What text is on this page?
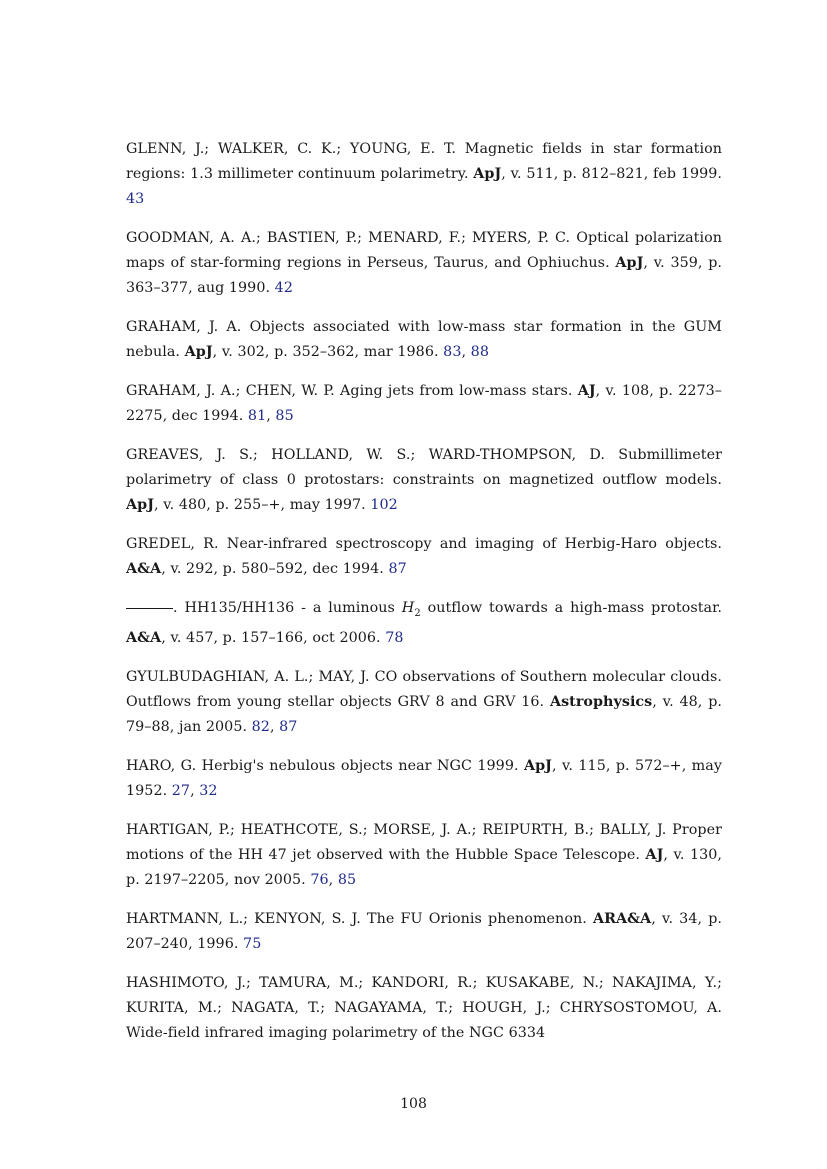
GLENN, J.; WALKER, C. K.; YOUNG, E. T. Magnetic fields in star formation regions: 1.3 millimeter continuum polarimetry. ApJ, v. 511, p. 812–821, feb 1999. 43

GOODMAN, A. A.; BASTIEN, P.; MENARD, F.; MYERS, P. C. Optical polarization maps of star-forming regions in Perseus, Taurus, and Ophiuchus. ApJ, v. 359, p. 363–377, aug 1990. 42

GRAHAM, J. A. Objects associated with low-mass star formation in the GUM nebula. ApJ, v. 302, p. 352–362, mar 1986. 83, 88

GRAHAM, J. A.; CHEN, W. P. Aging jets from low-mass stars. AJ, v. 108, p. 2273–2275, dec 1994. 81, 85

GREAVES, J. S.; HOLLAND, W. S.; WARD-THOMPSON, D. Submillimeter polarimetry of class 0 protostars: constraints on magnetized outflow models. ApJ, v. 480, p. 255–+, may 1997. 102

GREDEL, R. Near-infrared spectroscopy and imaging of Herbig-Haro objects. A&A, v. 292, p. 580–592, dec 1994. 87

. HH135/HH136 - a luminous $H_2$ outflow towards a high-mass protostar. A&A, v. 457, p. 157–166, oct 2006. 78

GYULBUDAGHIAN, A. L.; MAY, J. CO observations of Southern molecular clouds. Outflows from young stellar objects GRV 8 and GRV 16. Astrophysics, v. 48, p. 79–88, jan 2005. 82, 87

HARO, G. Herbig's nebulous objects near NGC 1999. ApJ, v. 115, p. 572–+, may 1952. 27, 32

HARTIGAN, P.; HEATHCOTE, S.; MORSE, J. A.; REIPURTH, B.; BALLY, J. Proper motions of the HH 47 jet observed with the Hubble Space Telescope. AJ, v. 130, p. 2197–2205, nov 2005. 76, 85

HARTMANN, L.; KENYON, S. J. The FU Orionis phenomenon. ARA&A, v. 34, p. 207–240, 1996. 75

HASHIMOTO, J.; TAMURA, M.; KANDORI, R.; KUSAKABE, N.; NAKAJIMA, Y.; KURITA, M.; NAGATA, T.; NAGAYAMA, T.; HOUGH, J.; CHRYSOSTOMOU, A. Wide-field infrared imaging polarimetry of the NGC 6334

108
